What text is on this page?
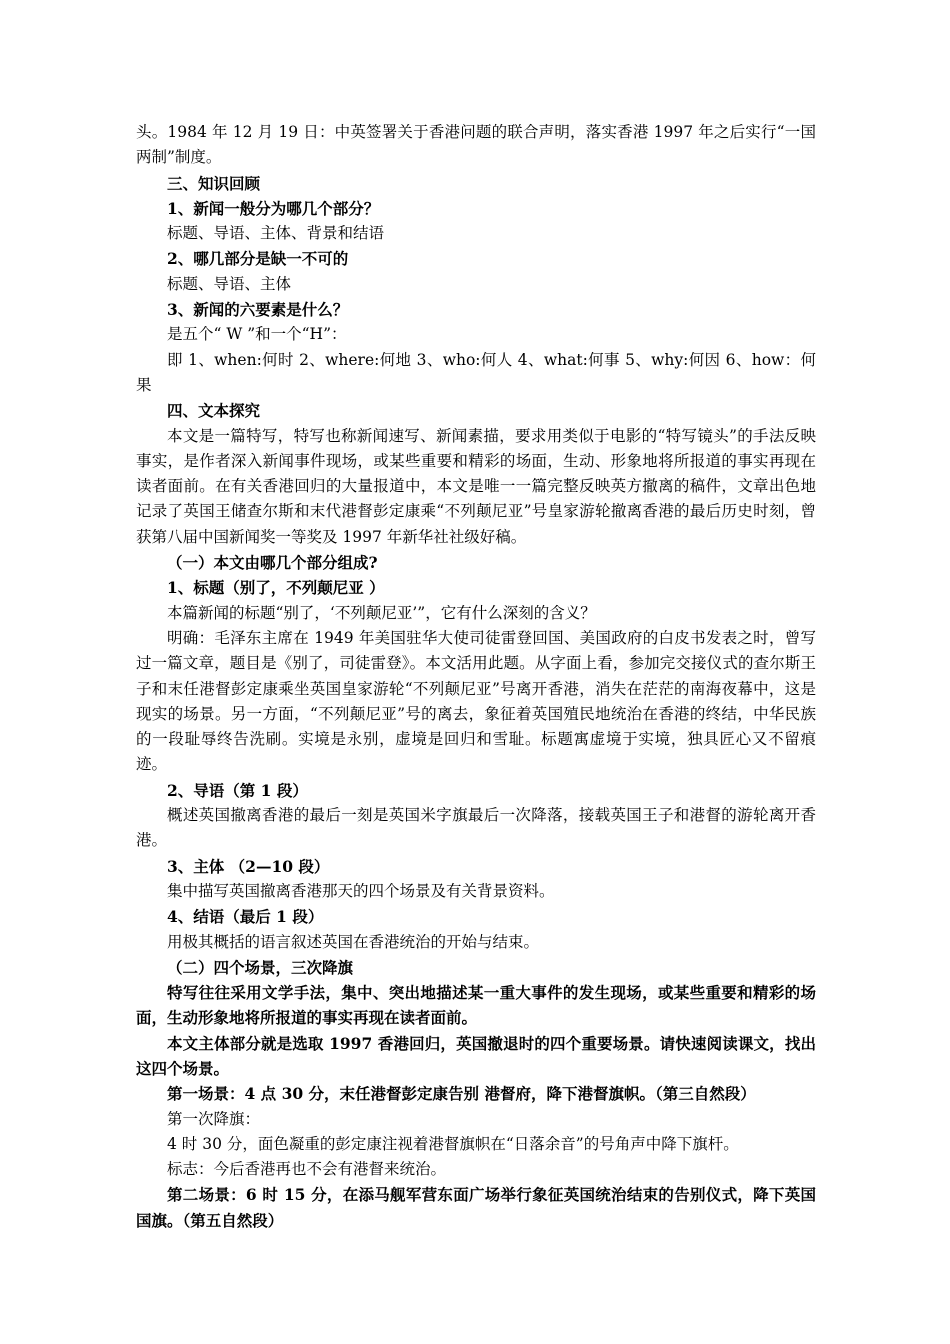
头。1984 年 12 月 19 日：中英签署关于香港问题的联合声明，落实香港 1997 年之后实行“一国两制”制度。

三、知识回顾

1、新闻一般分为哪几个部分？

标题、导语、主体、背景和结语

2、哪几部分是缺一不可的

标题、导语、主体

3、新闻的六要素是什么？

是五个“ W ”和一个“H”：

即 1、when:何时 2、where:何地 3、who:何人 4、what:何事 5、why:何因 6、how：何果

四、文本探究

本文是一篇特写，特写也称新闻速写、新闻素描，要求用类似于电影的“特写镜头”的手法反映事实，是作者深入新闻事件现场，或某些重要和精彩的场面，生动、形象地将所报道的事实再现在读者面前。在有关香港回归的大量报道中，本文是唯一一篇完整反映英方撤离的稿件，文章出色地记录了英国王储查尔斯和末代港督彭定康乘“不列颠尼亚”号皇家游轮撤离香港的最后历史时刻，曾获第八届中国新闻奖一等奖及 1997 年新华社社级好稿。

（一）本文由哪几个部分组成?

1、标题（别了，不列颠尼亚 ）

本篇新闻的标题“别了，‘不列颠尼亚’”，它有什么深刻的含义？

明确：毛泽东主席在 1949 年美国驻华大使司徒雷登回国、美国政府的白皮书发表之时，曾写过一篇文章，题目是《别了，司徒雷登》。本文活用此题。从字面上看，参加完交接仪式的查尔斯王子和末任港督彭定康乘坐英国皇家游轮“不列颠尼亚”号离开香港，消失在茫茫的南海夜幕中，这是现实的场景。另一方面，“不列颠尼亚”号的离去，象征着英国殖民地统治在香港的终结，中华民族的一段耻辱终告洗刷。实境是永别，虚境是回归和雪耻。标题寓虚境于实境，独具匠心又不留痕迹。

2、导语（第 1 段）

概述英国撤离香港的最后一刻是英国米字旗最后一次降落，接载英国王子和港督的游轮离开香港。

3、主体 （2—10 段）

集中描写英国撤离香港那天的四个场景及有关背景资料。

4、结语（最后 1 段）

用极其概括的语言叙述英国在香港统治的开始与结束。

（二）四个场景，三次降旗

特写往往采用文学手法，集中、突出地描述某一重大事件的发生现场，或某些重要和精彩的场面，生动形象地将所报道的事实再现在读者面前。

本文主体部分就是选取 1997 香港回归，英国撤退时的四个重要场景。请快速阅读课文，找出这四个场景。

第一场景：4 点 30 分，末任港督彭定康告别 港督府，降下港督旗帜。（第三自然段）

第一次降旗：

4 时 30 分，面色凝重的彭定康注视着港督旗帜在“日落余音”的号角声中降下旗杆。

标志：今后香港再也不会有港督来统治。

第二场景：6 时 15 分，在添马舰军营东面广场举行象征英国统治结束的告别仪式，降下英国国旗。（第五自然段）
